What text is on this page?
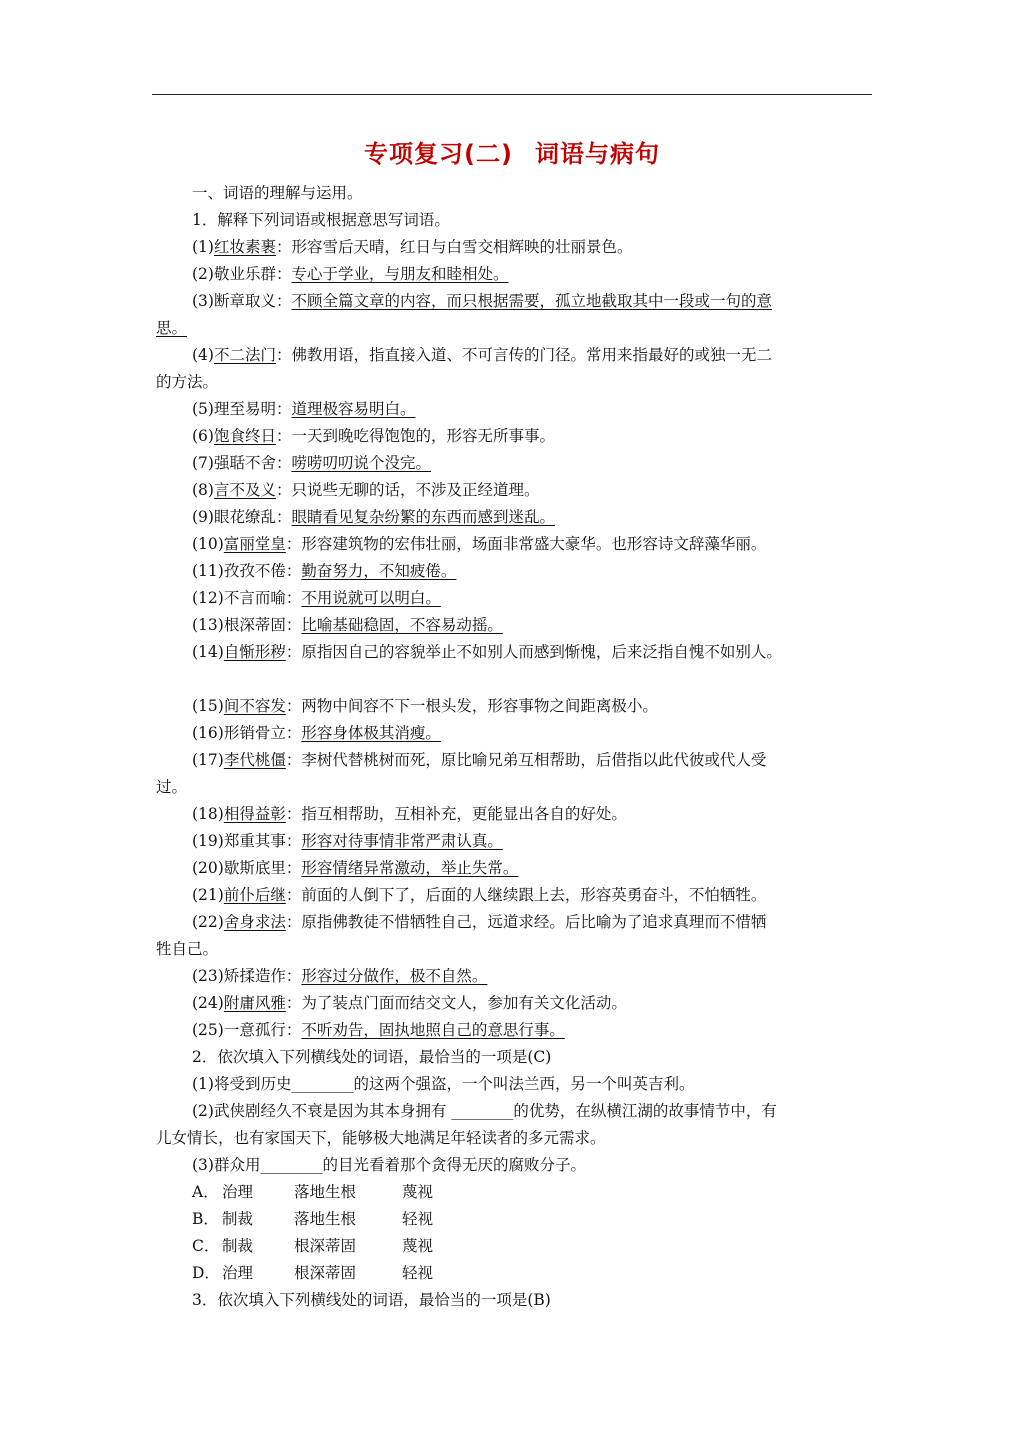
专项复习(二) 词语与病句
一、词语的理解与运用。
1．解释下列词语或根据意思写词语。
(1)红妆素裹：形容雪后天晴，红日与白雪交相辉映的壮丽景色。
(2)敬业乐群：专心于学业，与朋友和睦相处。
(3)断章取义：不顾全篇文章的内容，而只根据需要，孤立地截取其中一段或一句的意
思。
(4)不二法门：佛教用语，指直接入道、不可言传的门径。常用来指最好的或独一无二
的方法。
(5)理至易明：道理极容易明白。
(6)饱食终日：一天到晚吃得饱饱的，形容无所事事。
(7)强聒不舍：唠唠叨叨说个没完。
(8)言不及义：只说些无聊的话，不涉及正经道理。
(9)眼花缭乱：眼睛看见复杂纷繁的东西而感到迷乱。
(10)富丽堂皇：形容建筑物的宏伟壮丽，场面非常盛大豪华。也形容诗文辞藻华丽。
(11)孜孜不倦：勤奋努力，不知疲倦。
(12)不言而喻：不用说就可以明白。
(13)根深蒂固：比喻基础稳固，不容易动摇。
(14)自惭形秽：原指因自己的容貌举止不如别人而感到惭愧，后来泛指自愧不如别人。
(15)间不容发：两物中间容不下一根头发，形容事物之间距离极小。
(16)形销骨立：形容身体极其消瘦。
(17)李代桃僵：李树代替桃树而死，原比喻兄弟互相帮助，后借指以此代彼或代人受
过。
(18)相得益彰：指互相帮助，互相补充，更能显出各自的好处。
(19)郑重其事：形容对待事情非常严肃认真。
(20)歇斯底里：形容情绪异常激动，举止失常。
(21)前仆后继：前面的人倒下了，后面的人继续跟上去，形容英勇奋斗，不怕牺牲。
(22)舍身求法：原指佛教徒不惜牺牲自己，远道求经。后比喻为了追求真理而不惜牺
牲自己。
(23)矫揉造作：形容过分做作，极不自然。
(24)附庸风雅：为了装点门面而结交文人，参加有关文化活动。
(25)一意孤行：不听劝告，固执地照自己的意思行事。
2．依次填入下列横线处的词语，最恰当的一项是(C)
(1)将受到历史________的这两个强盗，一个叫法兰西，另一个叫英吉利。
(2)武侠剧经久不衰是因为其本身拥有 ________的优势，在纵横江湖的故事情节中，有
儿女情长，也有家国天下，能够极大地满足年轻读者的多元需求。
(3)群众用________的目光看着那个贪得无厌的腐败分子。
A． 治理	落地生根	蔑视
B． 制裁	落地生根	轻视
C． 制裁	根深蒂固	蔑视
D． 治理	根深蒂固	轻视
3．依次填入下列横线处的词语，最恰当的一项是(B)
